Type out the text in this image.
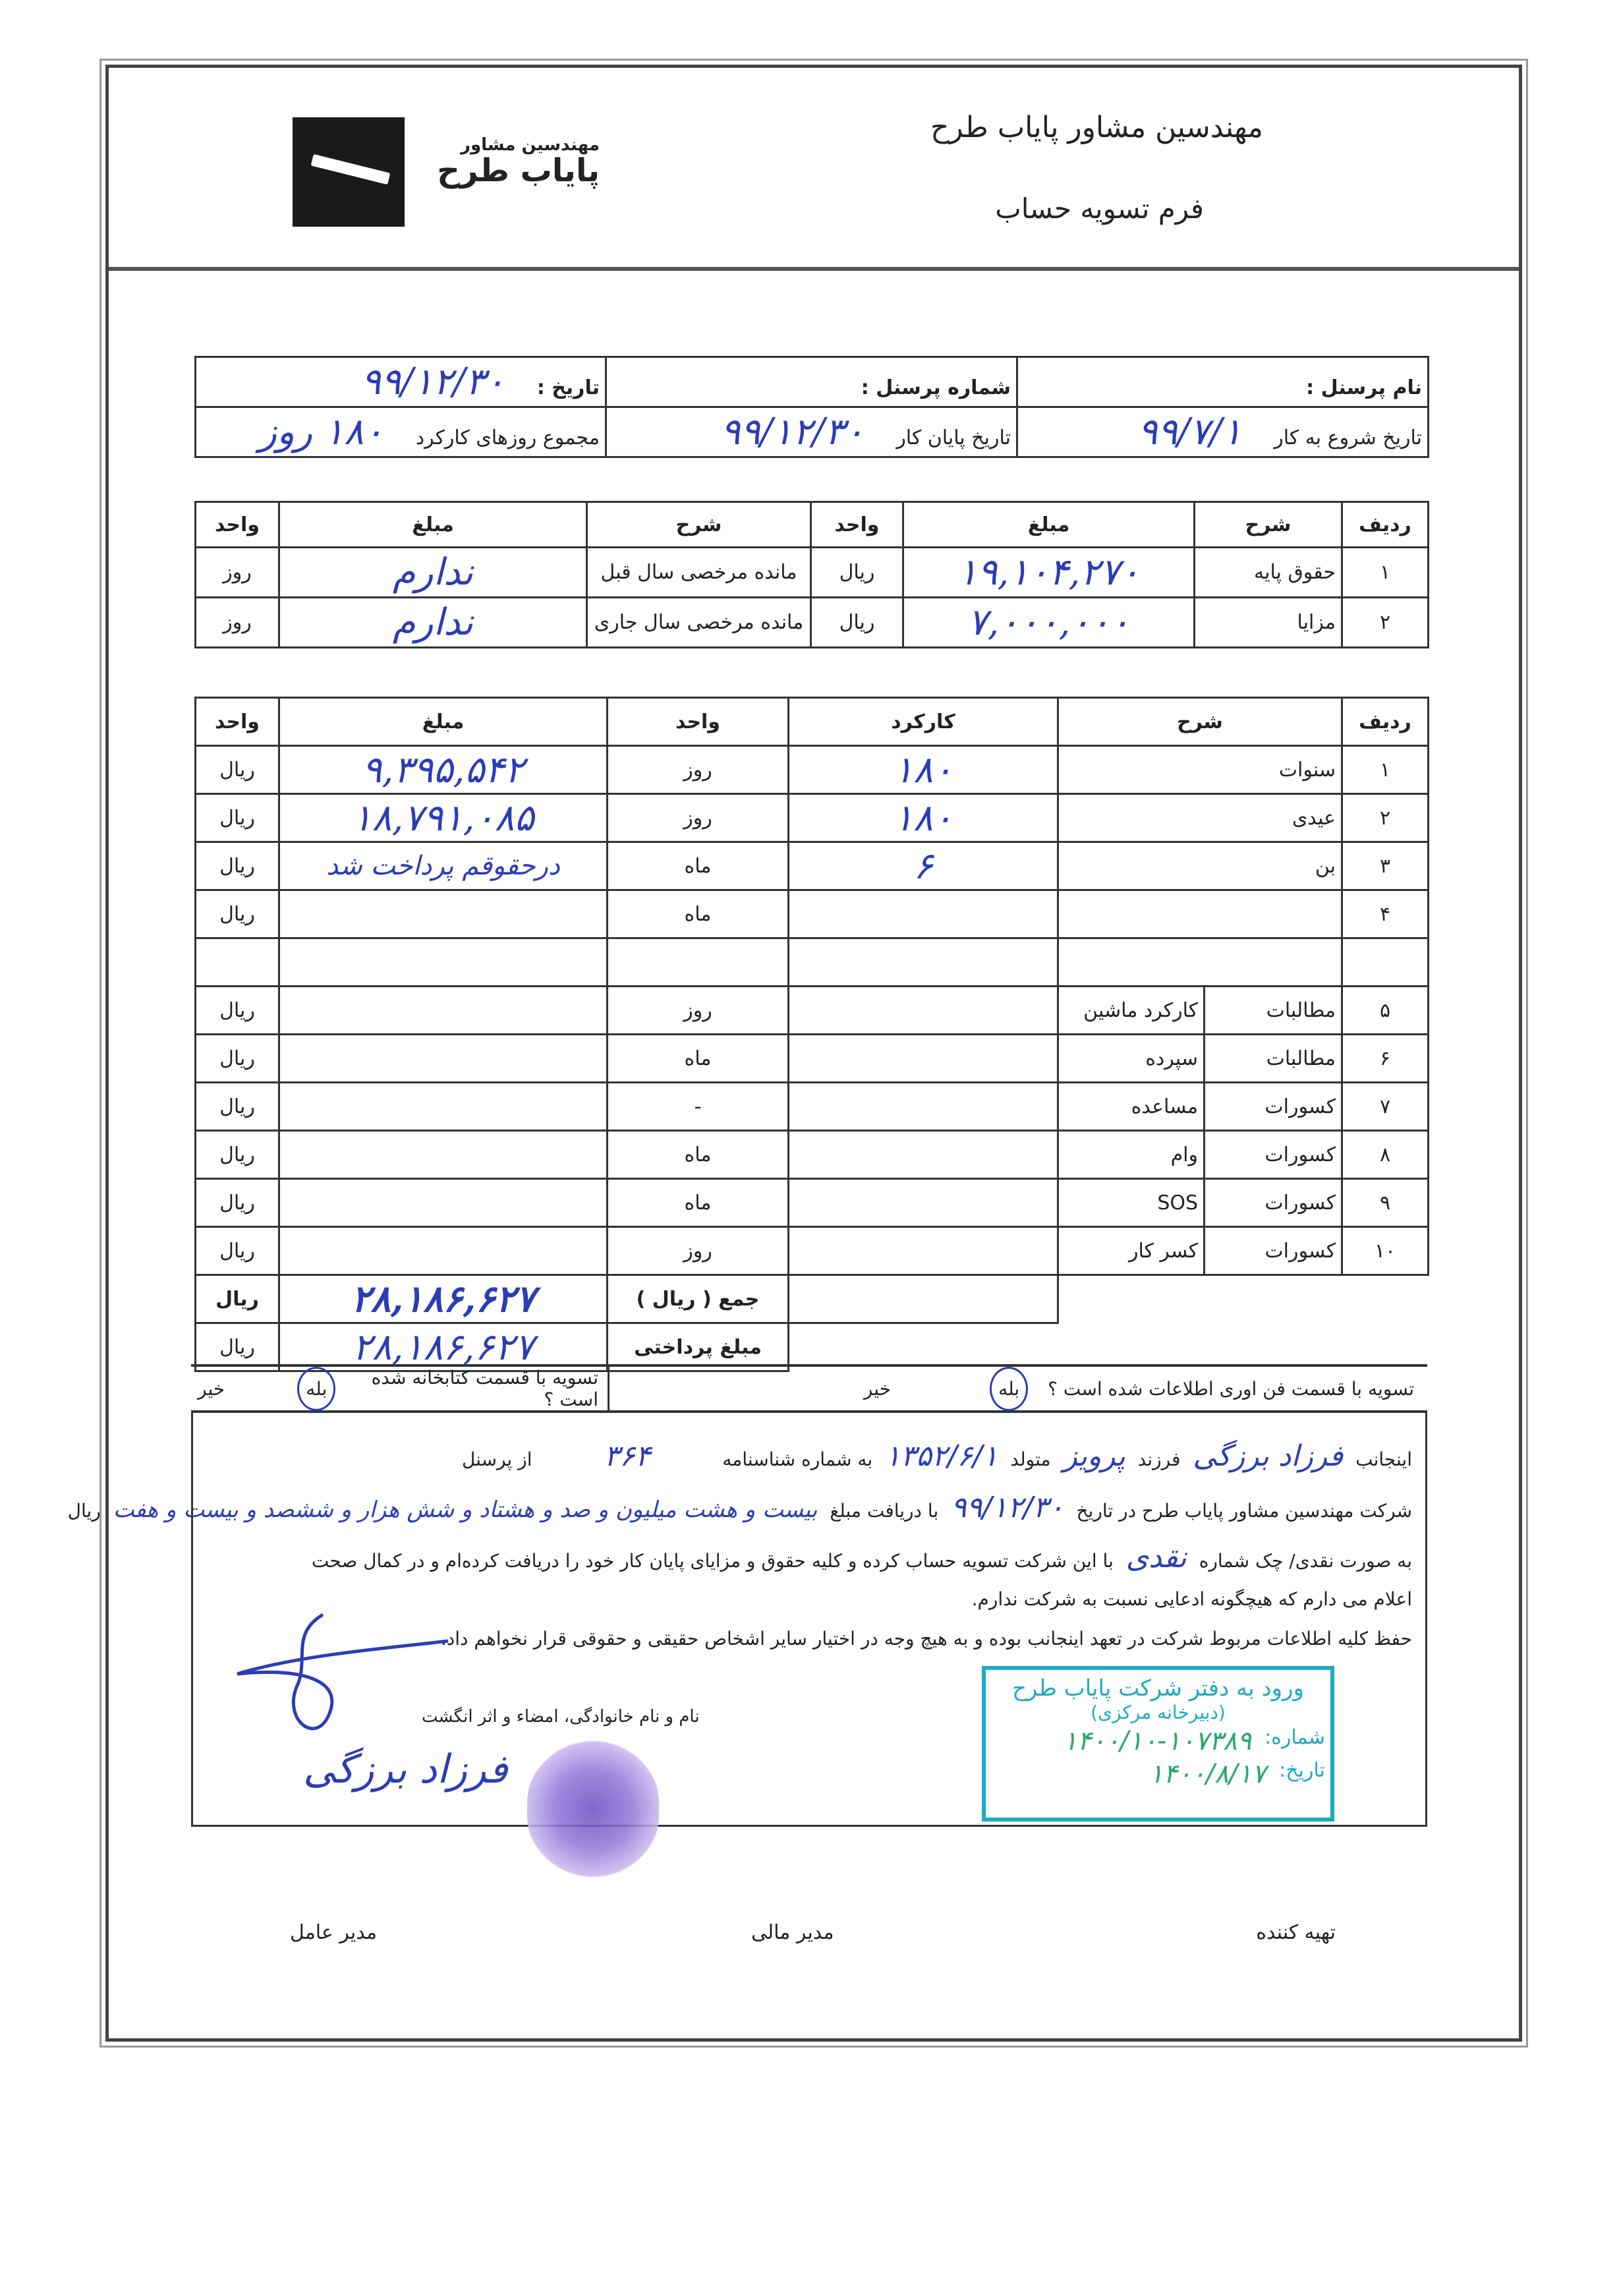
مهندسین مشاور
پایاب طرح
مهندسین مشاور پایاب طرح
فرم تسویه حساب
نام پرسنل :	شماره پرسنل :	تاریخ :   ۹۹/۱۲/۳۰
تاریخ شروع به کار   ۹۹/۷/۱	تاریخ پایان کار   ۹۹/۱۲/۳۰	مجموع روزهای کارکرد   ۱۸۰ روز
ردیف	شرح	مبلغ	واحد	شرح	مبلغ	واحد
۱	حقوق پایه	۱۹,۱۰۴,۲۷۰	ریال	مانده مرخصی سال قبل	ندارم	روز
۲	مزایا	۷,۰۰۰,۰۰۰	ریال	مانده مرخصی سال جاری	ندارم	روز
ردیف	شرح		کارکرد	واحد	مبلغ	واحد
۱	سنوات		۱۸۰	روز	۹,۳۹۵,۵۴۲	ریال
۲	عیدی		۱۸۰	روز	۱۸,۷۹۱,۰۸۵	ریال
۳	بن		۶	ماه	درحقوقم پرداخت شد	ریال
۴				ماه		ریال

۵	مطالبات	کارکرد ماشین		روز		ریال
۶	مطالبات	سپرده		ماه		ریال
۷	کسورات	مساعده		-		ریال
۸	کسورات	وام		ماه		ریال
۹	کسورات	SOS		ماه		ریال
۱۰	کسورات	کسر کار		روز		ریال
				جمع ( ریال )	۲۸,۱۸۶,۶۲۷	ریال
				مبلغ پرداختی	۲۸,۱۸۶,۶۲۷	ریال
تسویه با قسمت فن اوری اطلاعات شده است ؟
بله
خیر
تسویه با قسمت کتابخانه شده است ؟
بله
خیر
اینجانب فرزاد برزگی فرزند پرویز متولد ۱۳۵۲/۶/۱ به شماره شناسنامه ۳۶۴ از پرسنل
شرکت مهندسین مشاور پایاب طرح در تاریخ ۹۹/۱۲/۳۰ با دریافت مبلغ بیست و هشت میلیون و صد و هشتاد و شش هزار و ششصد و بیست و هفت ریال
به صورت نقدی/ چک شماره نقدی با این شرکت تسویه حساب کرده و کلیه حقوق و مزایای پایان کار خود را دریافت کرده‌ام و در کمال صحت
اعلام می دارم که هیچگونه ادعایی نسبت به شرکت ندارم.
حفظ کلیه اطلاعات مربوط شرکت در تعهد اینجانب بوده و به هیچ وجه در اختیار سایر اشخاص حقیقی و حقوقی قرار نخواهم داد.
نام و نام خانوادگی، امضاء و اثر انگشت
فرزاد برزگی
ورود به دفتر شرکت پایاب طرح
(دبیرخانه مرکزی)
شماره:
۱۴۰۰/۱۰-۱۰۷۳۸۹
تاریخ:
۱۴۰۰/۸/۱۷
تهیه کننده
مدیر مالی
مدیر عامل
